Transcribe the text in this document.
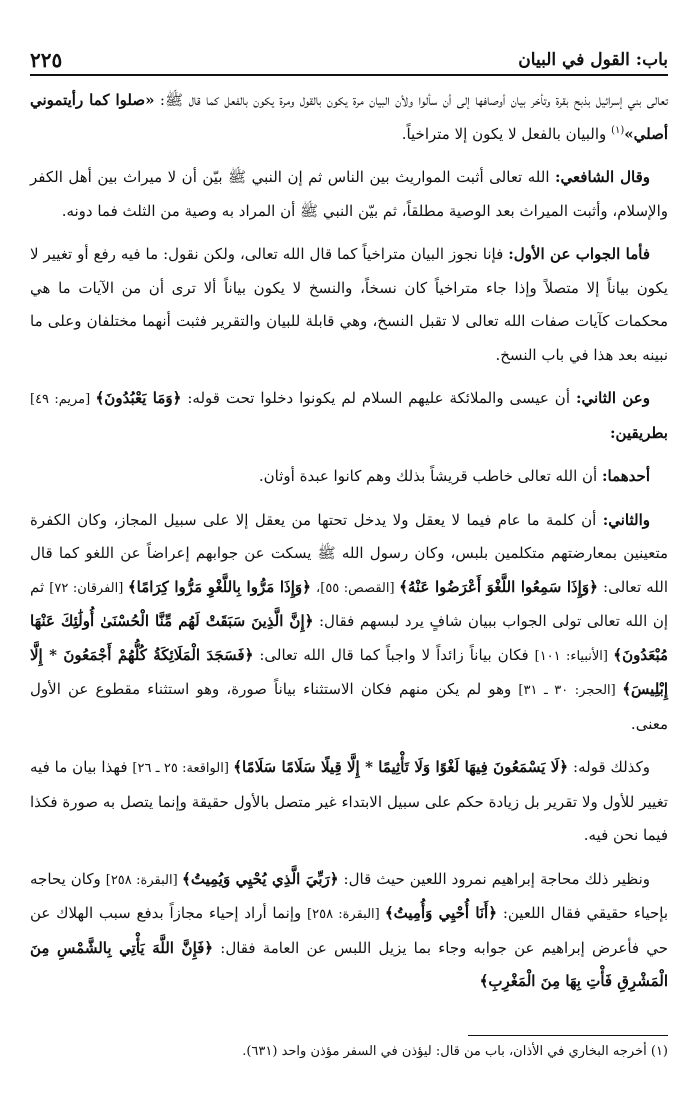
باب: القول في البيان
٢٢٥

تعالى بني إسرائيل بذبح بقرة وتأخر بيان أوصافها إلى أن سألوا ولأن البيان مرة يكون بالقول ومرة يكون بالفعل كما قال ﷺ: «صلوا كما رأيتموني أصلي»$^{(١)}$ والبيان بالفعل لا يكون إلا متراخياً.

وقال الشافعي: الله تعالى أثبت المواريث بين الناس ثم إن النبي ﷺ بيّن أن لا ميراث بين أهل الكفر والإسلام، وأثبت الميراث بعد الوصية مطلقاً، ثم بيّن النبي ﷺ أن المراد به وصية من الثلث فما دونه.

فأما الجواب عن الأول: فإنا نجوز البيان متراخياً كما قال الله تعالى، ولكن نقول: ما فيه رفع أو تغيير لا يكون بياناً إلا متصلاً وإذا جاء متراخياً كان نسخاً، والنسخ لا يكون بياناً ألا ترى أن من الآيات ما هي محكمات كآيات صفات الله تعالى لا تقبل النسخ، وهي قابلة للبيان والتقرير فثبت أنهما مختلفان وعلى ما نبينه بعد هذا في باب النسخ.

وعن الثاني: أن عيسى والملائكة عليهم السلام لم يكونوا دخلوا تحت قوله: ﴿وَمَا يَعْبُدُونَ﴾ [مريم: ٤٩] بطريقين:

أحدهما: أن الله تعالى خاطب قريشاً بذلك وهم كانوا عبدة أوثان.

والثاني: أن كلمة ما عام فيما لا يعقل ولا يدخل تحتها من يعقل إلا على سبيل المجاز، وكان الكفرة متعينين بمعارضتهم متكلمين بلبس، وكان رسول الله ﷺ يسكت عن جوابهم إعراضاً عن اللغو كما قال الله تعالى: ﴿وَإِذَا سَمِعُوا اللَّغْوَ أَعْرَضُوا عَنْهُ﴾ [القصص: ٥٥]، ﴿وَإِذَا مَرُّوا بِاللَّغْوِ مَرُّوا كِرَامًا﴾ [الفرقان: ٧٢] ثم إن الله تعالى تولى الجواب ببيان شافٍ يرد لبسهم فقال: ﴿إِنَّ الَّذِينَ سَبَقَتْ لَهُم مِّنَّا الْحُسْنَىٰ أُولَٰئِكَ عَنْهَا مُبْعَدُونَ﴾ [الأنبياء: ١٠١] فكان بياناً زائداً لا واجباً كما قال الله تعالى: ﴿فَسَجَدَ الْمَلَائِكَةُ كُلُّهُمْ أَجْمَعُونَ * إِلَّا إِبْلِيسَ﴾ [الحجر: ٣٠ ـ ٣١] وهو لم يكن منهم فكان الاستثناء بياناً صورة، وهو استثناء مقطوع عن الأول معنى.

وكذلك قوله: ﴿لَا يَسْمَعُونَ فِيهَا لَغْوًا وَلَا تَأْثِيمًا * إِلَّا قِيلًا سَلَامًا سَلَامًا﴾ [الواقعة: ٢٥ ـ ٢٦] فهذا بيان ما فيه تغيير للأول ولا تقرير بل زيادة حكم على سبيل الابتداء غير متصل بالأول حقيقة وإنما يتصل به صورة فكذا فيما نحن فيه.

ونظير ذلك محاجة إبراهيم نمرود اللعين حيث قال: ﴿رَبِّيَ الَّذِي يُحْيِي وَيُمِيتُ﴾ [البقرة: ٢٥٨] وكان يحاجه بإحياء حقيقي فقال اللعين: ﴿أَنَا أُحْيِي وَأُمِيتُ﴾ [البقرة: ٢٥٨] وإنما أراد إحياء مجازاً بدفع سبب الهلاك عن حي فأعرض إبراهيم عن جوابه وجاء بما يزيل اللبس عن العامة فقال: ﴿فَإِنَّ اللَّهَ يَأْتِي بِالشَّمْسِ مِنَ الْمَشْرِقِ فَأْتِ بِهَا مِنَ الْمَغْرِبِ﴾

(١) أخرجه البخاري في الأذان، باب من قال: ليؤذن في السفر مؤذن واحد (٦٣١).
